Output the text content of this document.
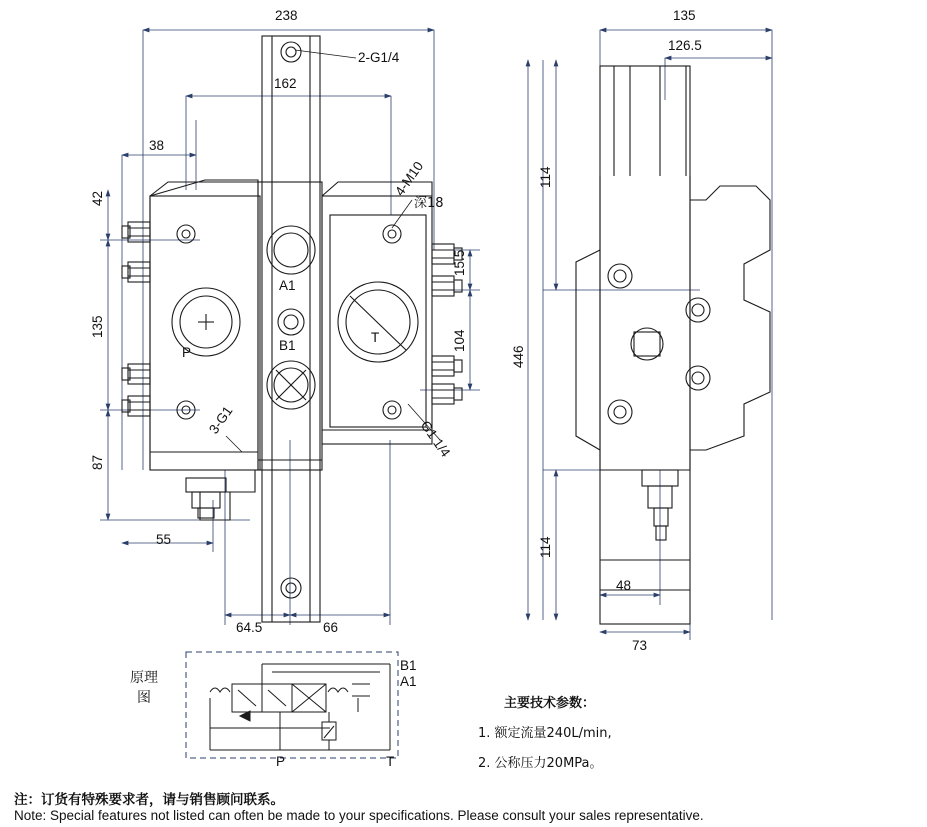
238
162
38
42
135
87
55
64.5	66
15.5
104
2-G1/4
4-M10
深18
3-G1	G1 1/4
A1
B1
P
T
135
126.5
114
446
114
48
73
B1
A1
P	T
原理
图	主要技术参数：
1. 额定流量240L/min,
2. 公称压力20MPa。
注：订货有特殊要求者，请与销售顾问联系。
Note: Special features not listed can often be made to your specifications. Please consult your sales representative.
